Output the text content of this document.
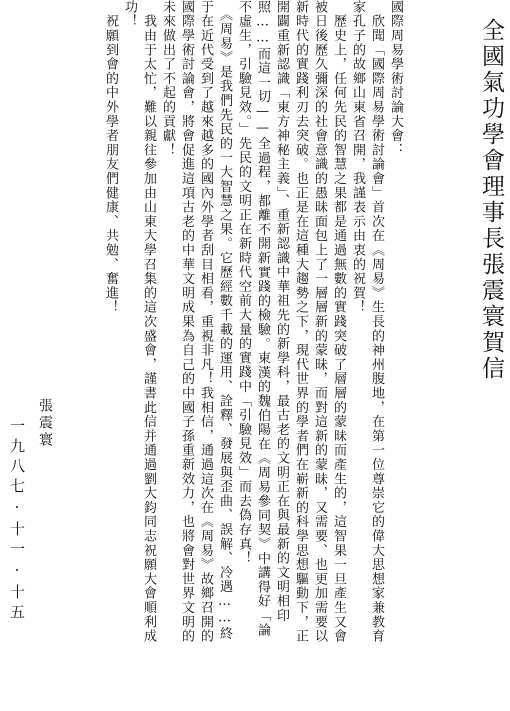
全國氣功學會理事長張震寰賀信

國際周易學術討論大會：

　欣聞「國際周易學術討論會」首次在《周易》生長的神州腹地，在第一位尊崇它的偉大思想家兼教育家孔子的故鄉山東省召開，我謹表示由衷的祝賀！

　歷史上，任何先民的智慧之果都是通過無數的實踐突破了層層的蒙昧而產生的，這智果一旦產生又會被日後歷久彌深的社會意識的愚昧面包上了一層層新的蒙昧，而對這新的蒙昧，又需要、也更加需要以新時代的實踐利刃去突破。也正是在這種大趨勢之下，現代世界的學者們在嶄新的科學思想驅動下，正開闢重新認識「東方神秘主義」、重新認識中華祖先的新學科，最古老的文明正在與最新的文明相印照……而這一切——全過程，都離不開新實踐的檢驗。東漢的魏伯陽在《周易參同契》中講得好「論不虛生，引驗見效。」先民的文明正在新時代空前大量的實踐中「引驗見效」而去偽存真！

　《周易》是我們先民的一大智慧之果。它歷經數千載的運用、詮釋、發展與歪曲、誤解、冷遇……終于在近代受到了越來越多的國內外學者刮目相看，重視非凡！我相信，通過這次在《周易》故鄉召開的國際學術討論會，將會促進這項古老的中華文明成果為自己的中國子孫重新效力，也將會對世界文明的未來做出了不起的貢獻！

　我由于太忙，難以親往參加由山東大學召集的這次盛會，謹書此信并通過劉大鈞同志祝願大會順利成功！

　祝願到會的中外學者朋友們健康、共勉、奮進！

張震寰
一九八七·十一·十五
